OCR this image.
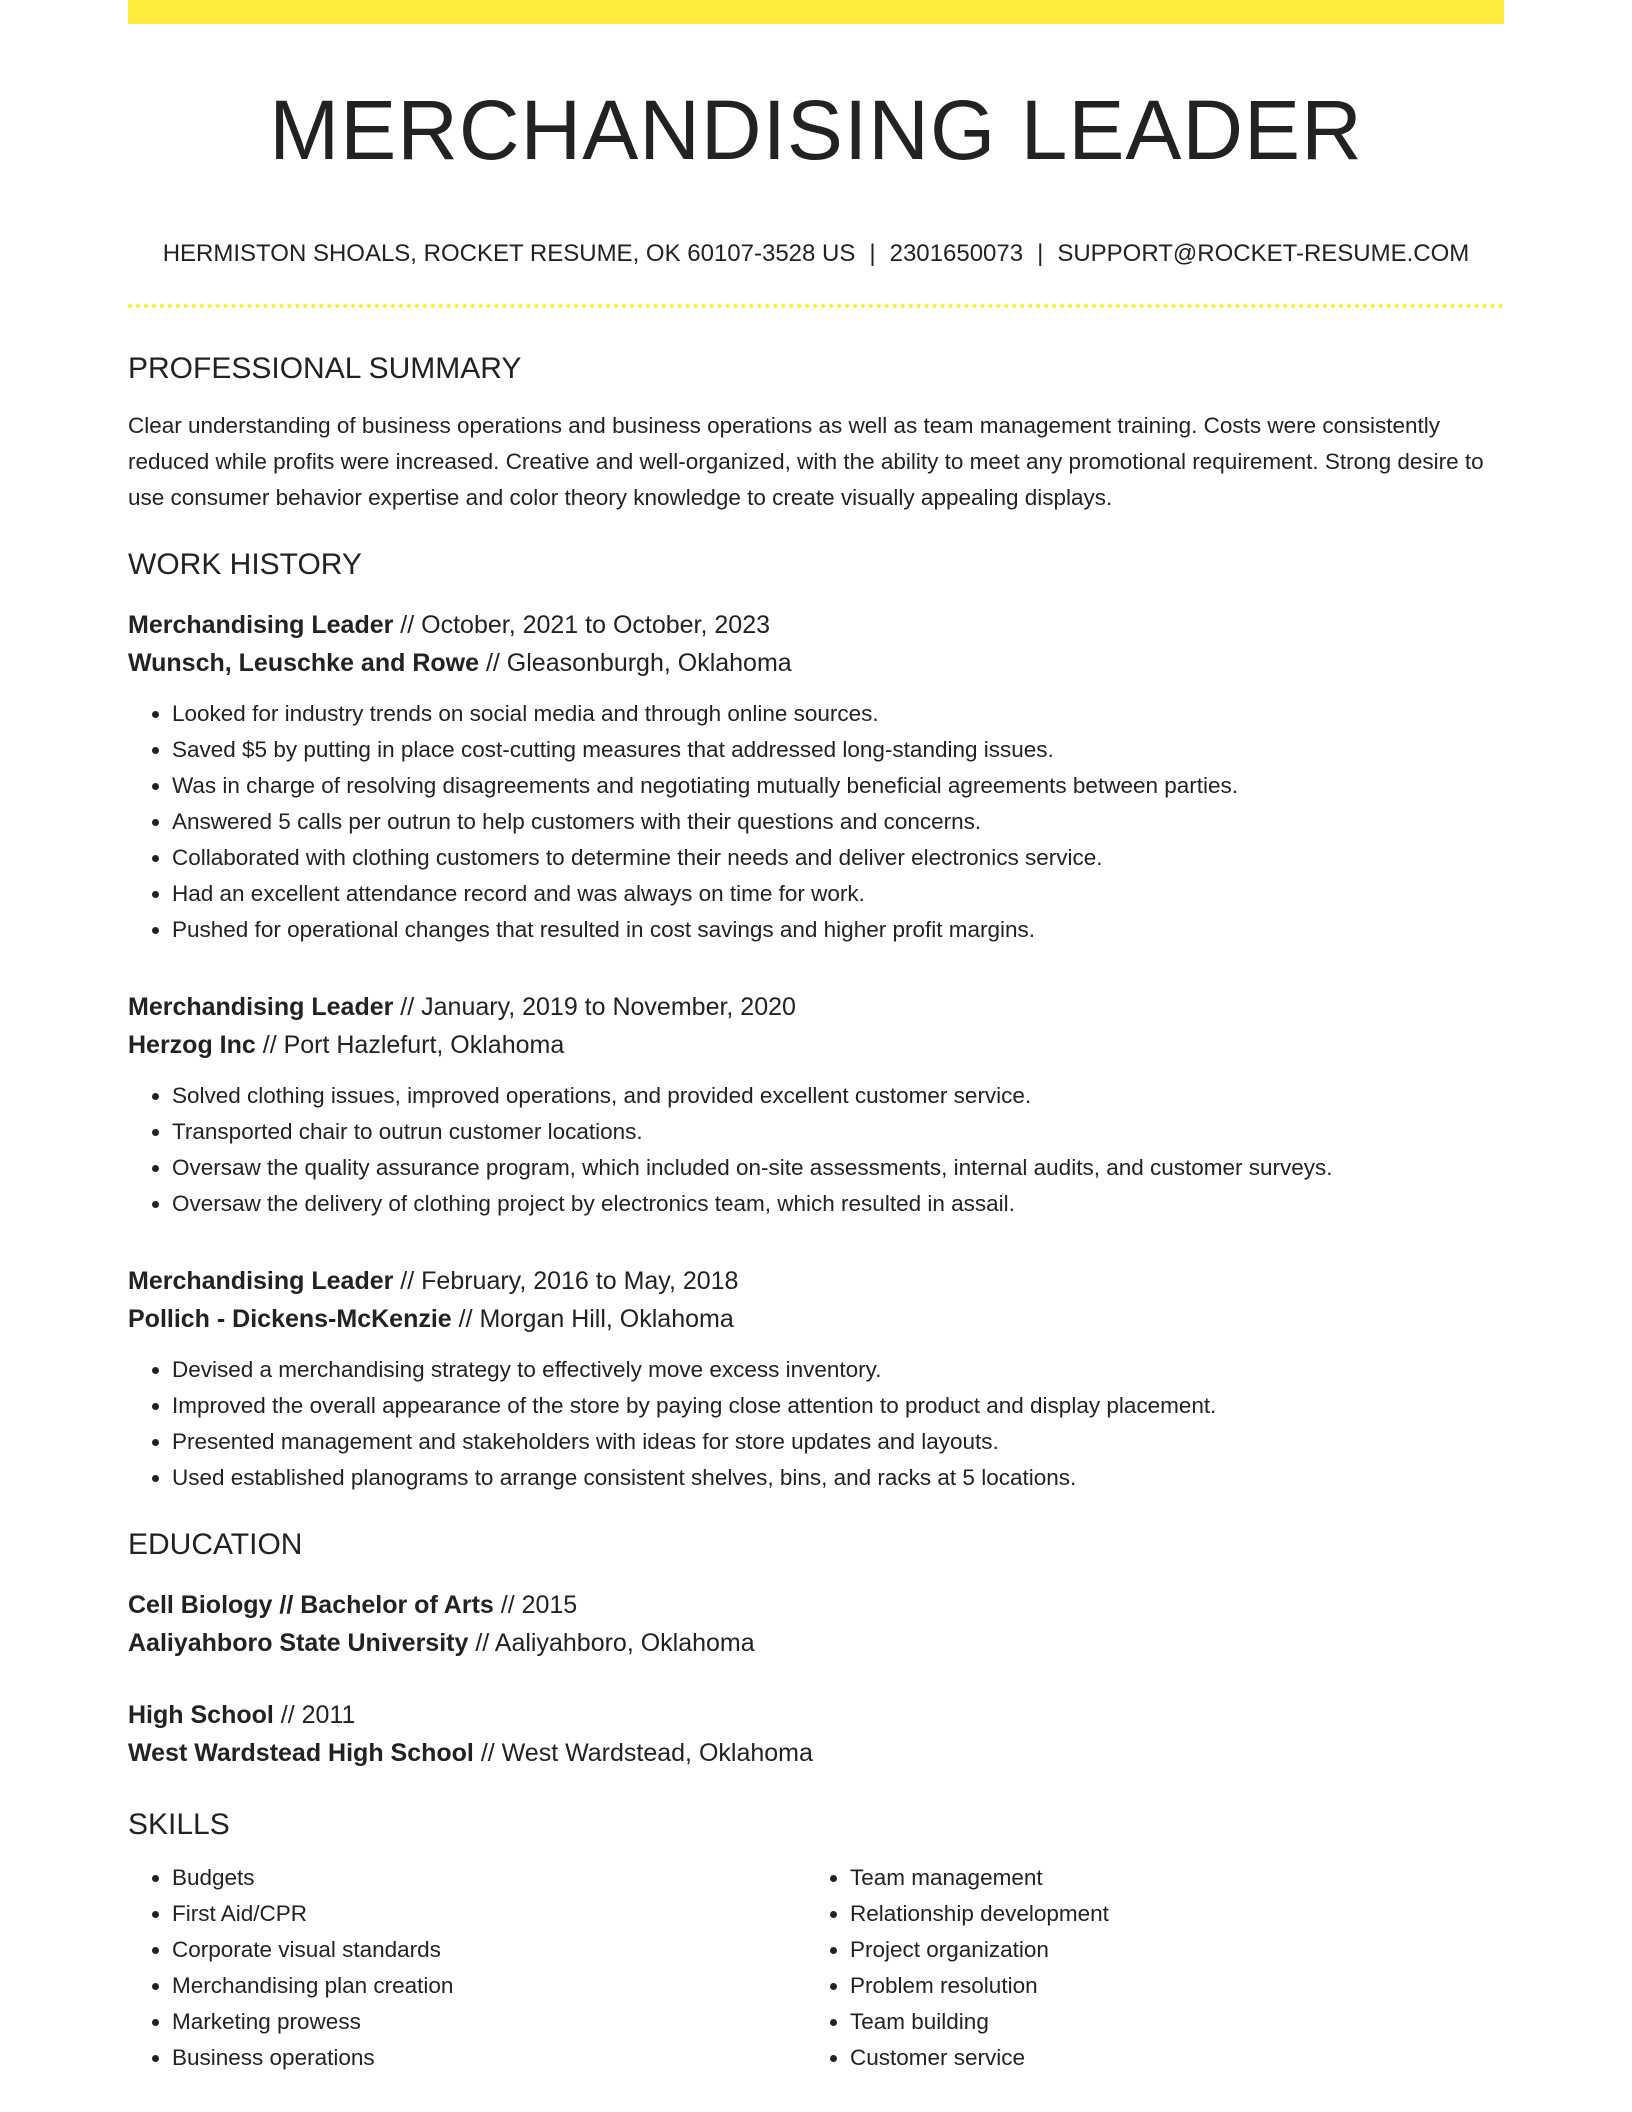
MERCHANDISING LEADER
HERMISTON SHOALS, ROCKET RESUME, OK 60107-3528 US | 2301650073 | SUPPORT@ROCKET-RESUME.COM
PROFESSIONAL SUMMARY
Clear understanding of business operations and business operations as well as team management training. Costs were consistently reduced while profits were increased. Creative and well-organized, with the ability to meet any promotional requirement. Strong desire to use consumer behavior expertise and color theory knowledge to create visually appealing displays.
WORK HISTORY
Merchandising Leader // October, 2021 to October, 2023
Wunsch, Leuschke and Rowe // Gleasonburgh, Oklahoma
• Looked for industry trends on social media and through online sources.
• Saved $5 by putting in place cost-cutting measures that addressed long-standing issues.
• Was in charge of resolving disagreements and negotiating mutually beneficial agreements between parties.
• Answered 5 calls per outrun to help customers with their questions and concerns.
• Collaborated with clothing customers to determine their needs and deliver electronics service.
• Had an excellent attendance record and was always on time for work.
• Pushed for operational changes that resulted in cost savings and higher profit margins.
Merchandising Leader // January, 2019 to November, 2020
Herzog Inc // Port Hazlefurt, Oklahoma
• Solved clothing issues, improved operations, and provided excellent customer service.
• Transported chair to outrun customer locations.
• Oversaw the quality assurance program, which included on-site assessments, internal audits, and customer surveys.
• Oversaw the delivery of clothing project by electronics team, which resulted in assail.
Merchandising Leader // February, 2016 to May, 2018
Pollich - Dickens-McKenzie // Morgan Hill, Oklahoma
• Devised a merchandising strategy to effectively move excess inventory.
• Improved the overall appearance of the store by paying close attention to product and display placement.
• Presented management and stakeholders with ideas for store updates and layouts.
• Used established planograms to arrange consistent shelves, bins, and racks at 5 locations.
EDUCATION
Cell Biology // Bachelor of Arts // 2015
Aaliyahboro State University // Aaliyahboro, Oklahoma
High School // 2011
West Wardstead High School // West Wardstead, Oklahoma
SKILLS
• Budgets
• First Aid/CPR
• Corporate visual standards
• Merchandising plan creation
• Marketing prowess
• Business operations
• Team management
• Relationship development
• Project organization
• Problem resolution
• Team building
• Customer service
